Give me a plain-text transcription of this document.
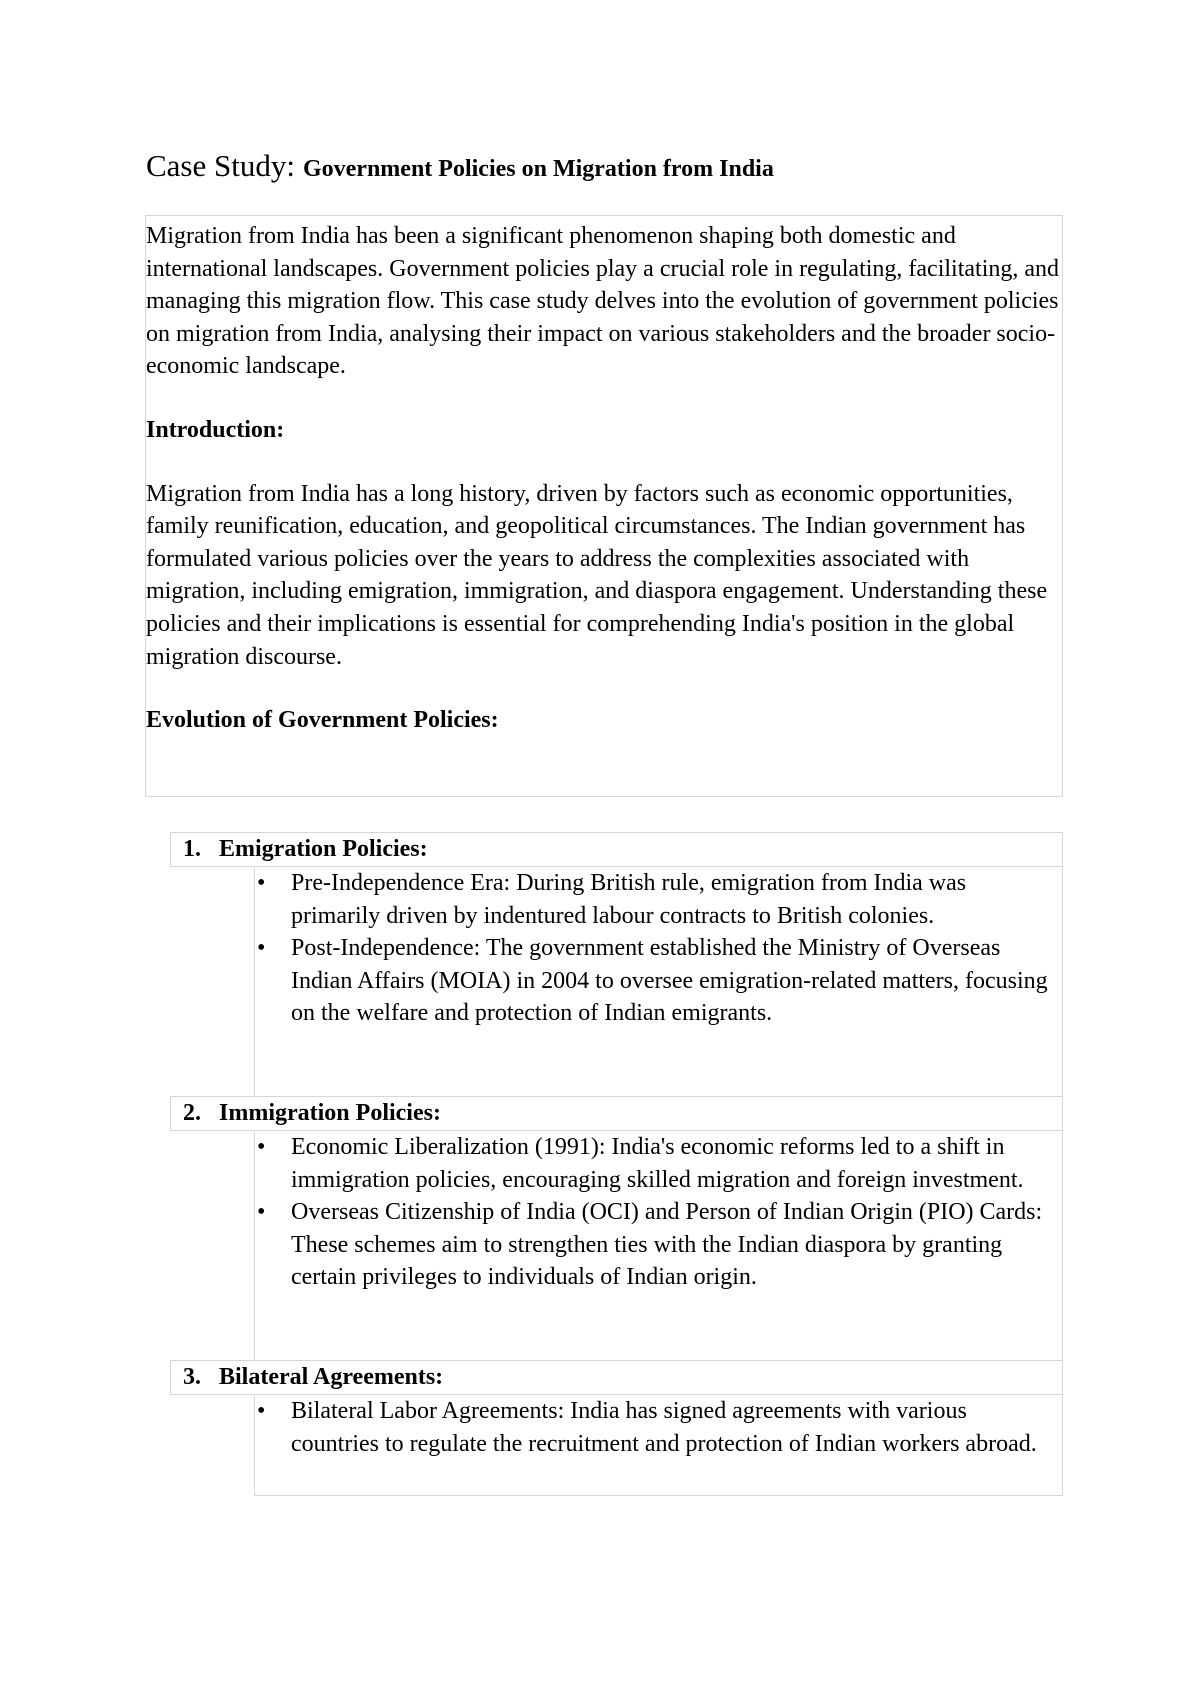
Case Study: Government Policies on Migration from India

Migration from India has been a significant phenomenon shaping both domestic and international landscapes. Government policies play a crucial role in regulating, facilitating, and managing this migration flow. This case study delves into the evolution of government policies on migration from India, analysing their impact on various stakeholders and the broader socio-economic landscape.

Introduction:

Migration from India has a long history, driven by factors such as economic opportunities, family reunification, education, and geopolitical circumstances. The Indian government has formulated various policies over the years to address the complexities associated with migration, including emigration, immigration, and diaspora engagement. Understanding these policies and their implications is essential for comprehending India's position in the global migration discourse.

Evolution of Government Policies:

1. Emigration Policies:
•	Pre-Independence Era: During British rule, emigration from India was primarily driven by indentured labour contracts to British colonies.
•	Post-Independence: The government established the Ministry of Overseas Indian Affairs (MOIA) in 2004 to oversee emigration-related matters, focusing on the welfare and protection of Indian emigrants.
2. Immigration Policies:
•	Economic Liberalization (1991): India's economic reforms led to a shift in immigration policies, encouraging skilled migration and foreign investment.
•	Overseas Citizenship of India (OCI) and Person of Indian Origin (PIO) Cards: These schemes aim to strengthen ties with the Indian diaspora by granting certain privileges to individuals of Indian origin.
3. Bilateral Agreements:
•	Bilateral Labor Agreements: India has signed agreements with various countries to regulate the recruitment and protection of Indian workers abroad.
